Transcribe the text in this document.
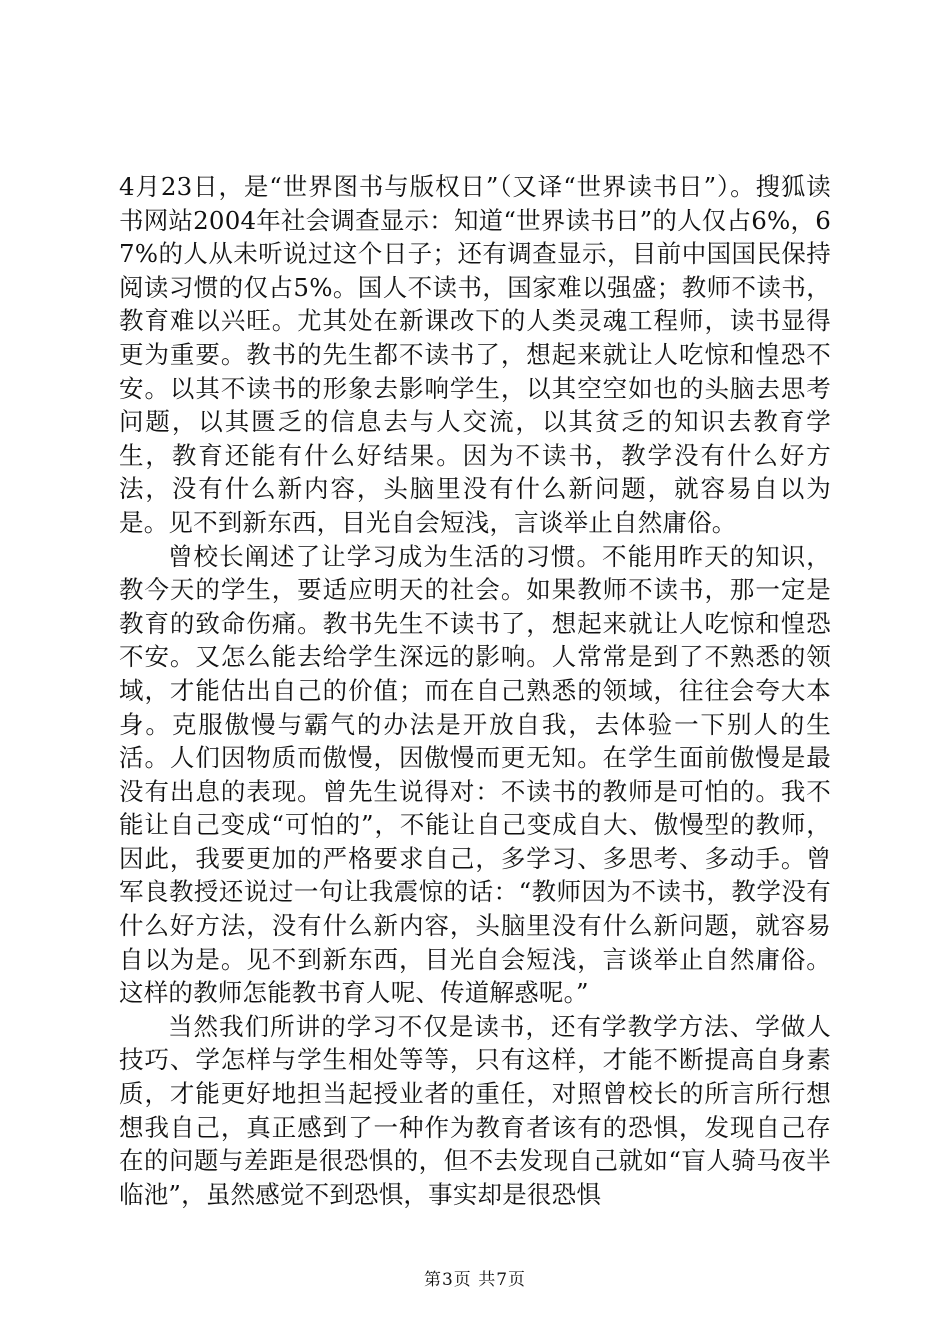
4月23日，是“世界图书与版权日”（又译“世界读书日”）。搜狐读书网站2004年社会调查显示：知道“世界读书日”的人仅占6%，67%的人从未听说过这个日子；还有调查显示，目前中国国民保持阅读习惯的仅占5%。国人不读书，国家难以强盛；教师不读书，教育难以兴旺。尤其处在新课改下的人类灵魂工程师，读书显得更为重要。教书的先生都不读书了，想起来就让人吃惊和惶恐不安。以其不读书的形象去影响学生，以其空空如也的头脑去思考问题，以其匮乏的信息去与人交流，以其贫乏的知识去教育学生，教育还能有什么好结果。因为不读书，教学没有什么好方法，没有什么新内容，头脑里没有什么新问题，就容易自以为是。见不到新东西，目光自会短浅，言谈举止自然庸俗。

曾校长阐述了让学习成为生活的习惯。不能用昨天的知识，教今天的学生，要适应明天的社会。如果教师不读书，那一定是教育的致命伤痛。教书先生不读书了，想起来就让人吃惊和惶恐不安。又怎么能去给学生深远的影响。人常常是到了不熟悉的领域，才能估出自己的价值；而在自己熟悉的领域，往往会夸大本身。克服傲慢与霸气的办法是开放自我，去体验一下别人的生活。人们因物质而傲慢，因傲慢而更无知。在学生面前傲慢是最没有出息的表现。曾先生说得对：不读书的教师是可怕的。我不能让自己变成“可怕的”，不能让自己变成自大、傲慢型的教师，因此，我要更加的严格要求自己，多学习、多思考、多动手。曾军良教授还说过一句让我震惊的话：“教师因为不读书，教学没有什么好方法，没有什么新内容，头脑里没有什么新问题，就容易自以为是。见不到新东西，目光自会短浅，言谈举止自然庸俗。这样的教师怎能教书育人呢、传道解惑呢。”

当然我们所讲的学习不仅是读书，还有学教学方法、学做人技巧、学怎样与学生相处等等，只有这样，才能不断提高自身素质，才能更好地担当起授业者的重任，对照曾校长的所言所行想想我自己，真正感到了一种作为教育者该有的恐惧，发现自己存在的问题与差距是很恐惧的，但不去发现自己就如“盲人骑马夜半临池”，虽然感觉不到恐惧，事实却是很恐惧

第3页 共7页
